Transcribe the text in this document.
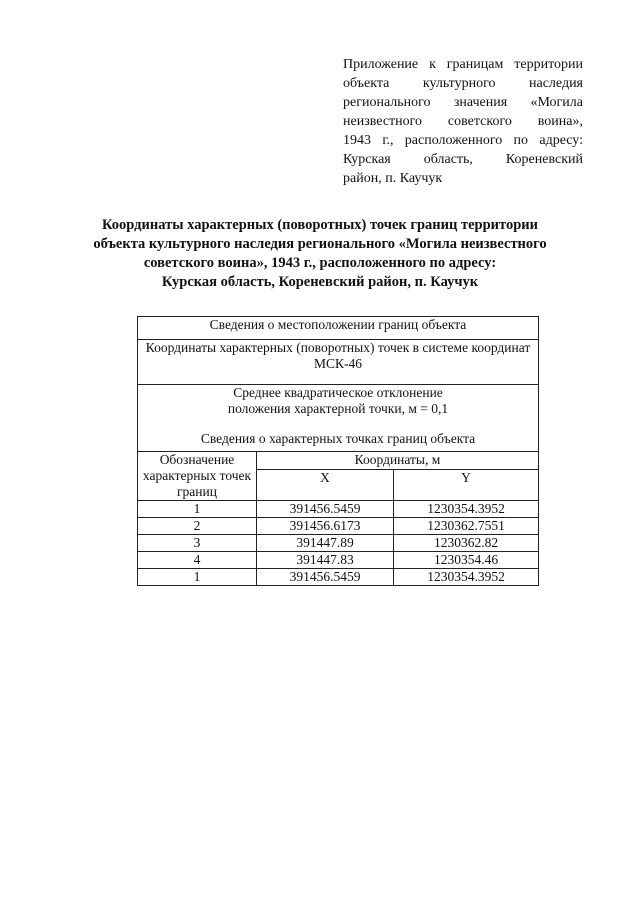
Приложение к границам территории
объекта культурного наследия
регионального значения «Могила
неизвестного советского воина»,
1943 г., расположенного по адресу:
Курская область, Кореневский
район, п. Каучук
Координаты характерных (поворотных) точек границ территории
объекта культурного наследия регионального «Могила неизвестного
советского воина», 1943 г., расположенного по адресу:
Курская область, Кореневский район, п. Каучук
Сведения о местоположении границ объекта		
Координаты характерных (поворотных) точек в системе координат
МСК-46		
Среднее квадратическое отклонение
положения характерной точки, м = 0,1
Сведения о характерных точках границ объекта		
Обозначение характерных точек границ	Координаты, м	
	X	Y
1	391456.5459	1230354.3952
2	391456.6173	1230362.7551
3	391447.89	1230362.82
4	391447.83	1230354.46
1	391456.5459	1230354.3952
